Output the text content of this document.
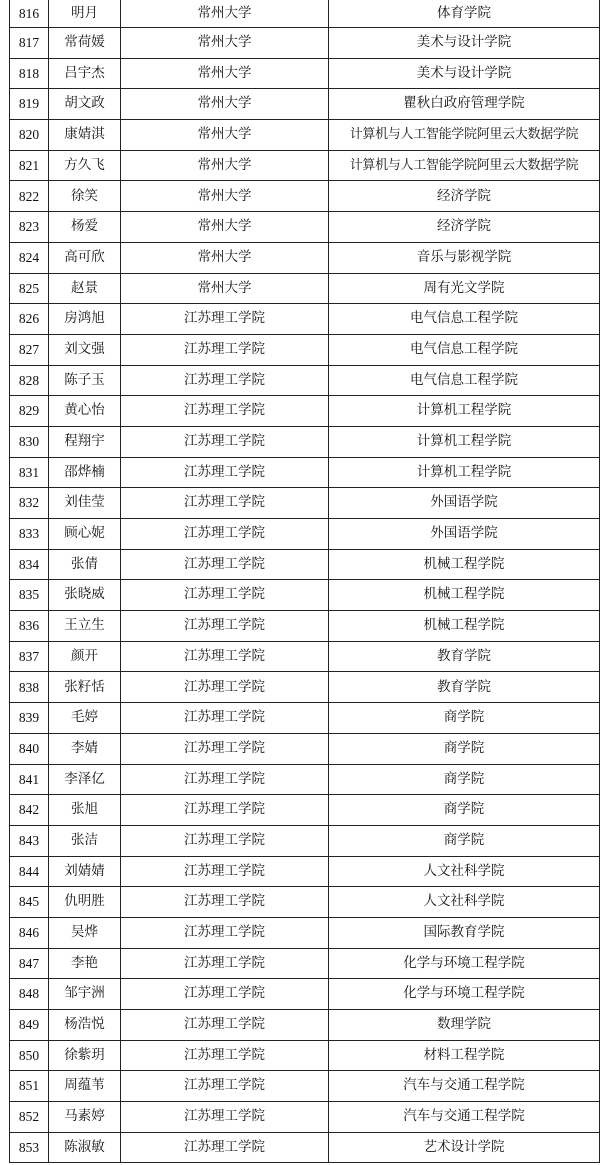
816	明月	常州大学	体育学院
817	常荷媛	常州大学	美术与设计学院
818	吕宇杰	常州大学	美术与设计学院
819	胡文政	常州大学	瞿秋白政府管理学院
820	康婧淇	常州大学	计算机与人工智能学院阿里云大数据学院
821	方久飞	常州大学	计算机与人工智能学院阿里云大数据学院
822	徐笑	常州大学	经济学院
823	杨爱	常州大学	经济学院
824	高可欣	常州大学	音乐与影视学院
825	赵景	常州大学	周有光文学院
826	房鸿旭	江苏理工学院	电气信息工程学院
827	刘文强	江苏理工学院	电气信息工程学院
828	陈子玉	江苏理工学院	电气信息工程学院
829	黄心怡	江苏理工学院	计算机工程学院
830	程翔宇	江苏理工学院	计算机工程学院
831	邵烨楠	江苏理工学院	计算机工程学院
832	刘佳莹	江苏理工学院	外国语学院
833	顾心妮	江苏理工学院	外国语学院
834	张倩	江苏理工学院	机械工程学院
835	张晓威	江苏理工学院	机械工程学院
836	王立生	江苏理工学院	机械工程学院
837	颜开	江苏理工学院	教育学院
838	张籽恬	江苏理工学院	教育学院
839	毛婷	江苏理工学院	商学院
840	李婧	江苏理工学院	商学院
841	李泽亿	江苏理工学院	商学院
842	张旭	江苏理工学院	商学院
843	张洁	江苏理工学院	商学院
844	刘婧婧	江苏理工学院	人文社科学院
845	仇明胜	江苏理工学院	人文社科学院
846	吴烨	江苏理工学院	国际教育学院
847	李艳	江苏理工学院	化学与环境工程学院
848	邹宇洲	江苏理工学院	化学与环境工程学院
849	杨浩悦	江苏理工学院	数理学院
850	徐紫玥	江苏理工学院	材料工程学院
851	周蕴苇	江苏理工学院	汽车与交通工程学院
852	马素婷	江苏理工学院	汽车与交通工程学院
853	陈淑敏	江苏理工学院	艺术设计学院
